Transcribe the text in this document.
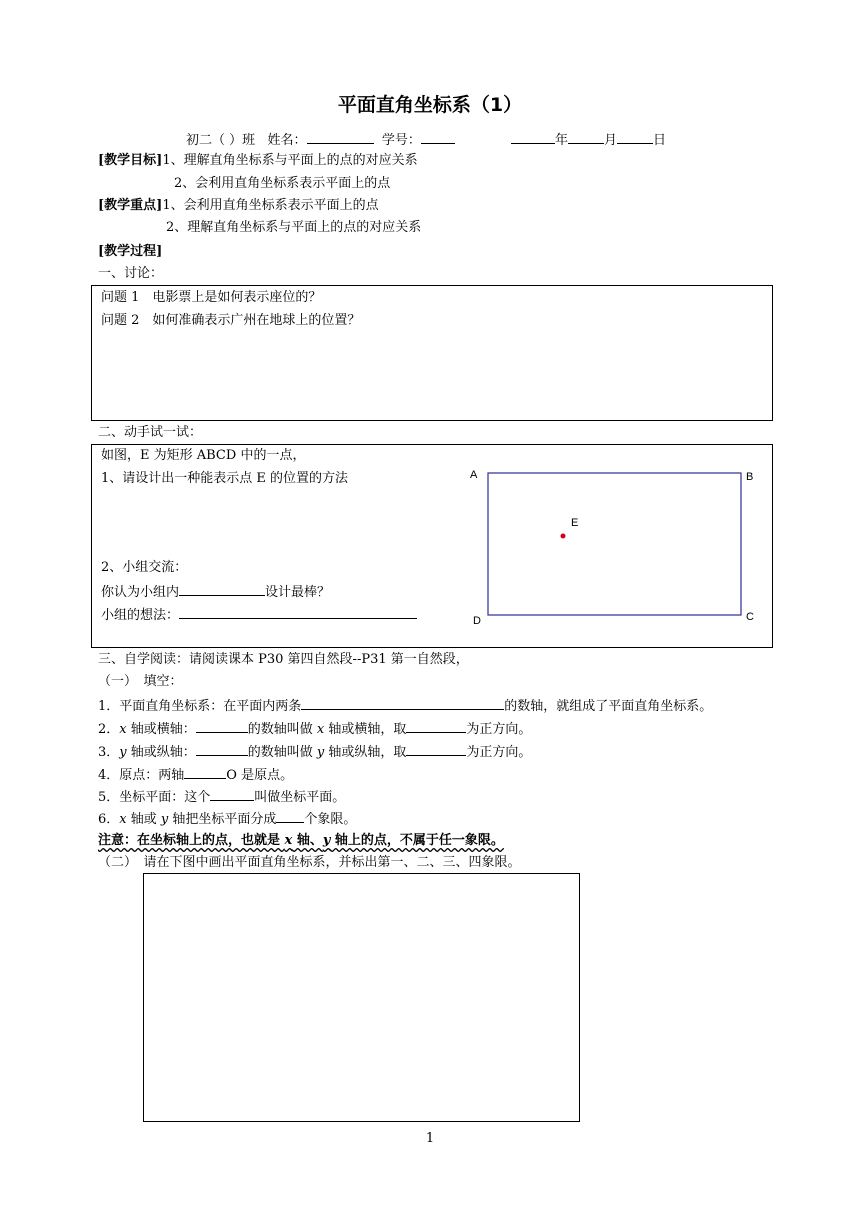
平面直角坐标系（1）
初二（ ）班 姓名：	学号：	年	月	日
[教学目标]1、理解直角坐标系与平面上的点的对应关系
2、会利用直角坐标系表示平面上的点
[教学重点]1、会利用直角坐标系表示平面上的点
2、理解直角坐标系与平面上的点的对应关系
[教学过程]
一、讨论：
问题 1　电影票上是如何表示座位的？
问题 2　如何准确表示广州在地球上的位置？
二、动手试一试：
如图，E 为矩形 ABCD 中的一点，
1、请设计出一种能表示点 E 的位置的方法
2、小组交流：
你认为小组内	设计最棒？
小组的想法：
A	B
C
D
E
三、自学阅读：请阅读课本 P30 第四自然段--P31 第一自然段，
（一）　填空：
1．平面直角坐标系：在平面内两条	的数轴，就组成了平面直角坐标系。
2．x 轴或横轴：	的数轴叫做 x 轴或横轴，取	为正方向。
3．y 轴或纵轴：	的数轴叫做 y 轴或纵轴，取	为正方向。
4．原点：两轴	O 是原点。
5．坐标平面：这个	叫做坐标平面。
6．x 轴或 y 轴把坐标平面分成 个象限。
注意：在坐标轴上的点，也就是 x 轴、y 轴上的点，不属于任一象限。
（二）　请在下图中画出平面直角坐标系，并标出第一、二、三、四象限。
1
